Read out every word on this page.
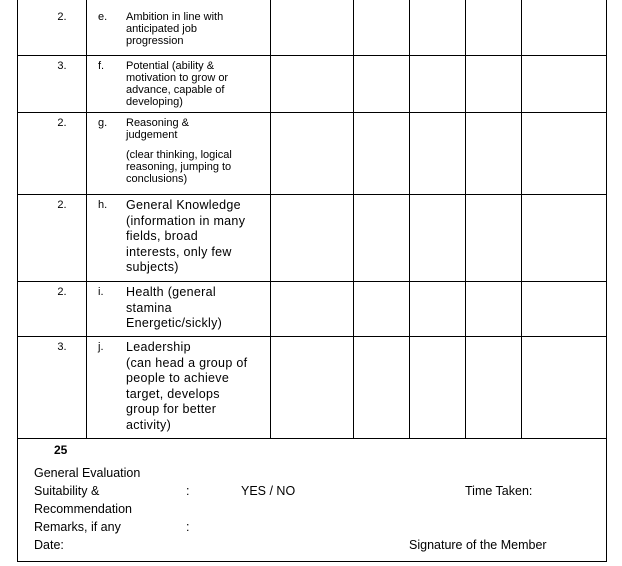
2.	e.	Ambition in line with
anticipated job
progression
3.	f.	Potential (ability &
motivation to grow or
advance, capable of
developing)
2.	g.	Reasoning &
judgement
(clear thinking, logical
reasoning, jumping to
conclusions)
2.	h.	General Knowledge
(information in many
fields, broad
interests, only few
subjects)
2.	i.	Health (general
stamina
Energetic/sickly)
3.	j.	Leadership
(can head a group of
people to achieve
target, develops
group for better
activity)
25
General Evaluation
Suitability &	:	YES / NO	Time Taken:
Recommendation
Remarks, if any	:
Date:	Signature of the Member
